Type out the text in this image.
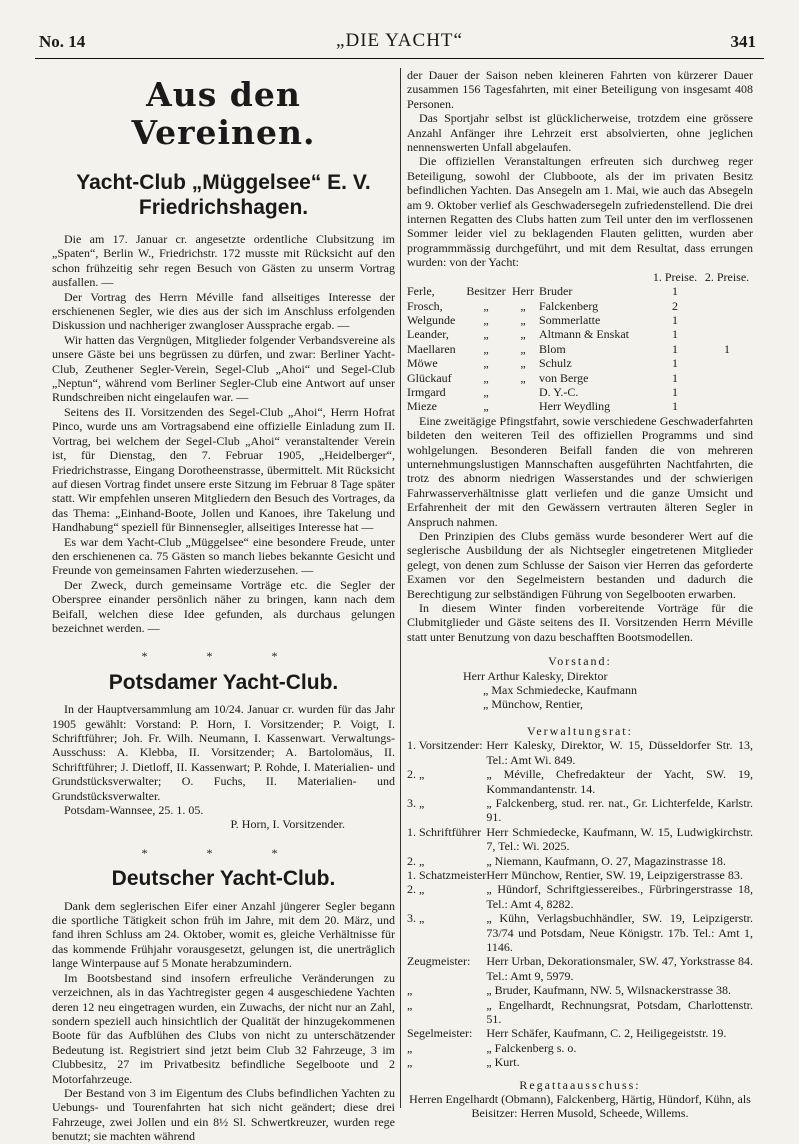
No. 14	„DIE YACHT“	341
Aus den Vereinen.
Yacht-Club „Müggelsee“ E. V. Friedrichshagen.

Die am 17. Januar cr. angesetzte ordentliche Clubsitzung im „Spaten“, Berlin W., Friedrichstr. 172 musste mit Rücksicht auf den schon frühzeitig sehr regen Besuch von Gästen zu unserm Vortrag ausfallen. —

Der Vortrag des Herrn Méville fand allseitiges Interesse der erschienenen Segler, wie dies aus der sich im Anschluss erfolgenden Diskussion und nachheriger zwangloser Aussprache ergab. —

Wir hatten das Vergnügen, Mitglieder folgender Verbandsvereine als unsere Gäste bei uns begrüssen zu dürfen, und zwar: Berliner Yacht-Club, Zeuthener Segler-Verein, Segel-Club „Ahoi“ und Segel-Club „Neptun“, während vom Berliner Segler-Club eine Antwort auf unser Rundschreiben nicht eingelaufen war. —

Seitens des II. Vorsitzenden des Segel-Club „Ahoi“, Herrn Hofrat Pinco, wurde uns am Vortragsabend eine offizielle Einladung zum II. Vortrag, bei welchem der Segel-Club „Ahoi“ veranstaltender Verein ist, für Dienstag, den 7. Februar 1905, „Heidelberger“, Friedrichstrasse, Eingang Dorotheenstrasse, übermittelt. Mit Rücksicht auf diesen Vortrag findet unsere erste Sitzung im Februar 8 Tage später statt. Wir empfehlen unseren Mitgliedern den Besuch des Vortrages, da das Thema: „Einhand-Boote, Jollen und Kanoes, ihre Takelung und Handhabung“ speziell für Binnensegler, allseitiges Interesse hat —

Es war dem Yacht-Club „Müggelsee“ eine besondere Freude, unter den erschienenen ca. 75 Gästen so manch liebes bekannte Gesicht und Freunde von gemeinsamen Fahrten wiederzusehen. —

Der Zweck, durch gemeinsame Vorträge etc. die Segler der Oberspree einander persönlich näher zu bringen, kann nach dem Beifall, welchen diese Idee gefunden, als durchaus gelungen bezeichnet werden. —

* * *
Potsdamer Yacht-Club.

In der Hauptversammlung am 10/24. Januar cr. wurden für das Jahr 1905 gewählt: Vorstand: P. Horn, I. Vorsitzender; P. Voigt, I. Schriftführer; Joh. Fr. Wilh. Neumann, I. Kassenwart. Verwaltungs-Ausschuss: A. Klebba, II. Vorsitzender; A. Bartolomäus, II. Schriftführer; J. Dietloff, II. Kassenwart; P. Rohde, I. Materialien- und Grundstücksverwalter; O. Fuchs, II. Materialien- und Grundstücksverwalter.

Potsdam-Wannsee, 25. 1. 05.

P. Horn, I. Vorsitzender.

* * *
Deutscher Yacht-Club.

Dank dem seglerischen Eifer einer Anzahl jüngerer Segler begann die sportliche Tätigkeit schon früh im Jahre, mit dem 20. März, und fand ihren Schluss am 24. Oktober, womit es, gleiche Verhältnisse für das kommende Frühjahr vorausgesetzt, gelungen ist, die unerträglich lange Winterpause auf 5 Monate herabzumindern.

Im Bootsbestand sind insofern erfreuliche Veränderungen zu verzeichnen, als in das Yachtregister gegen 4 ausgeschiedene Yachten deren 12 neu eingetragen wurden, ein Zuwachs, der nicht nur an Zahl, sondern speziell auch hinsichtlich der Qualität der hinzugekommenen Boote für das Aufblühen des Clubs von nicht zu unterschätzender Bedeutung ist. Registriert sind jetzt beim Club 32 Fahrzeuge, 3 im Clubbesitz, 27 im Privatbesitz befindliche Segelboote und 2 Motorfahrzeuge.

Der Bestand von 3 im Eigentum des Clubs befindlichen Yachten zu Uebungs- und Tourenfahrten hat sich nicht geändert; diese drei Fahrzeuge, zwei Jollen und ein 8½ Sl. Schwertkreuzer, wurden rege benutzt; sie machten während

der Dauer der Saison neben kleineren Fahrten von kürzerer Dauer zusammen 156 Tagesfahrten, mit einer Beteiligung von insgesamt 408 Personen.

Das Sportjahr selbst ist glücklicherweise, trotzdem eine grössere Anzahl Anfänger ihre Lehrzeit erst absolvierten, ohne jeglichen nennenswerten Unfall abgelaufen.

Die offiziellen Veranstaltungen erfreuten sich durchweg reger Beteiligung, sowohl der Clubboote, als der im privaten Besitz befindlichen Yachten. Das Ansegeln am 1. Mai, wie auch das Absegeln am 9. Oktober verlief als Geschwadersegeln zufriedenstellend. Die drei internen Regatten des Clubs hatten zum Teil unter den im verflossenen Sommer leider viel zu beklagenden Flauten gelitten, wurden aber programmmässig durchgeführt, und mit dem Resultat, dass errungen wurden: von der Yacht:

				1. Preise.	2. Preise.
Ferle,	Besitzer	Herr	Bruder	1	
Frosch,	„	„	Falckenberg	2	
Welgunde	„	„	Sommerlatte	1	
Leander,	„	„	Altmann & Enskat	1	
Maellaren	„	„	Blom	1	1
Möwe	„	„	Schulz	1	
Glückauf	„	„	von Berge	1	
Irmgard	„		D. Y.-C.	1	
Mieze	„		Herr Weydling	1	

Eine zweitägige Pfingstfahrt, sowie verschiedene Geschwaderfahrten bildeten den weiteren Teil des offiziellen Programms und sind wohlgelungen. Besonderen Beifall fanden die von mehreren unternehmungslustigen Mannschaften ausgeführten Nachtfahrten, die trotz des abnorm niedrigen Wasserstandes und der schwierigen Fahrwasserverhältnisse glatt verliefen und die ganze Umsicht und Erfahrenheit der mit den Gewässern vertrauten älteren Segler in Anspruch nahmen.

Den Prinzipien des Clubs gemäss wurde besonderer Wert auf die seglerische Ausbildung der als Nichtsegler eingetretenen Mitglieder gelegt, von denen zum Schlusse der Saison vier Herren das geforderte Examen vor den Segelmeistern bestanden und dadurch die Berechtigung zur selbständigen Führung von Segelbooten erwarben.

In diesem Winter finden vorbereitende Vorträge für die Clubmitglieder und Gäste seitens des II. Vorsitzenden Herrn Méville statt unter Benutzung von dazu beschafften Bootsmodellen.

Vorstand:

Herr Arthur Kalesky, Direktor

„ Max Schmiedecke, Kaufmann

„ Münchow, Rentier,

Verwaltungsrat:

1. Vorsitzender:	Herr Kalesky, Direktor, W. 15, Düsseldorfer Str. 13, Tel.: Amt Wi. 849.
2. „	„ Méville, Chefredakteur der Yacht, SW. 19, Kommandantenstr. 14.
3. „	„ Falckenberg, stud. rer. nat., Gr. Lichterfelde, Karlstr. 91.
1. Schriftführer	Herr Schmiedecke, Kaufmann, W. 15, Ludwigkirchstr. 7, Tel.: Wi. 2025.
2. „	„ Niemann, Kaufmann, O. 27, Magazinstrasse 18.
1. Schatzmeister	Herr Münchow, Rentier, SW. 19, Leipzigerstrasse 83.
2. „	„ Hündorf, Schriftgiessereibes., Fürbringerstrasse 18, Tel.: Amt 4, 8282.
3. „	„ Kühn, Verlagsbuchhändler, SW. 19, Leipzigerstr. 73/74 und Potsdam, Neue Königstr. 17b. Tel.: Amt 1, 1146.
Zeugmeister:	Herr Urban, Dekorationsmaler, SW. 47, Yorkstrasse 84. Tel.: Amt 9, 5979.
„	„ Bruder, Kaufmann, NW. 5, Wilsnackerstrasse 38.
„	„ Engelhardt, Rechnungsrat, Potsdam, Charlottenstr. 51.
Segelmeister:	Herr Schäfer, Kaufmann, C. 2, Heiligegeiststr. 19.
„	„ Falckenberg s. o.
„	„ Kurt.

Regattaausschuss:

Herren Engelhardt (Obmann), Falckenberg, Härtig, Hündorf, Kühn, als Beisitzer: Herren Musold, Scheede, Willems.
